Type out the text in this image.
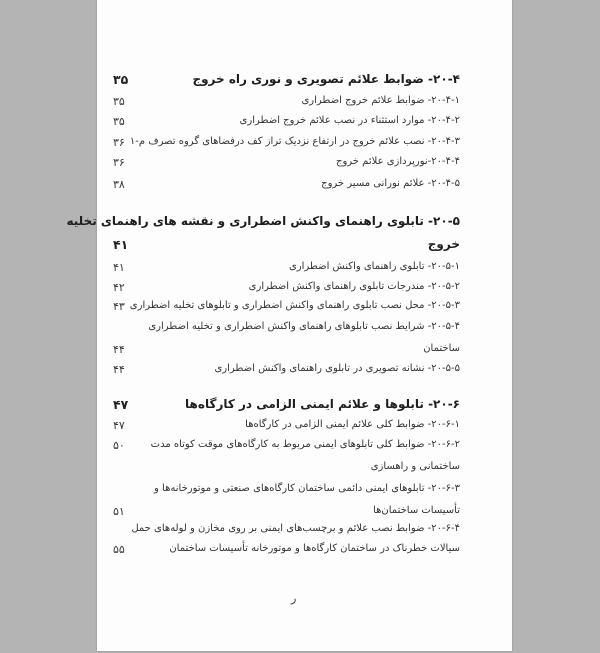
۲۰-۴- ضوابط علائم تصویری و نوری راه خروج
۳۵
۲۰-۴-۱- ضوابط علائم خروج اضطراری
۳۵
۲۰-۴-۲- موارد استثناء در نصب علائم خروج اضطراری
۳۵
۲۰-۴-۳- نصب علائم خروج در ارتفاع نزدیک تراز کف درفضاهای گروه تصرف م-۱
۳۶
۲۰-۴-۴-نورپردازی علائم خروج
۳۶
۲۰-۴-۵- علائم نورانی مسیر خروج
۳۸
۲۰-۵- تابلوی راهنمای واکنش اضطراری و نقشه های راهنمای تخلیه
خروج
۴۱
۲۰-۵-۱- تابلوی راهنمای واکنش اضطراری
۴۱
۲۰-۵-۲- مندرجات تابلوی راهنمای واکنش اضطراری
۴۲
۲۰-۵-۳- محل نصب تابلوی راهنمای واکنش اضطراری و تابلوهای تخلیه اضطراری
۴۳
۲۰-۵-۴- شرایط نصب تابلوهای راهنمای واکنش اضطراری و تخلیه اضطراری
ساختمان
۴۴
۲۰-۵-۵- نشانه تصویری در تابلوی راهنمای واکنش اضطراری
۴۴
۲۰-۶- تابلوها و علائم ایمنی الزامی در کارگاه‌ها
۴۷
۲۰-۶-۱- ضوابط کلی علائم ایمنی الزامی در کارگاه‌ها
۴۷
۲۰-۶-۲- ضوابط کلی تابلوهای ایمنی مربوط به کارگاه‌های موقت کوتاه مدت
۵۰
ساختمانی و راهسازی
۲۰-۶-۳- تابلوهای ایمنی دائمی ساختمان کارگاه‌های صنعتی و موتورخانه‌ها و
تأسیسات ساختمان‌ها
۵۱
۲۰-۶-۴- ضوابط نصب علائم و برچسب‌های ایمنی بر روی مخازن و لوله‌های حمل
سیالات خطرناک در ساختمان کارگاه‌ها و موتورخانه تأسیسات ساختمان
۵۵
ر
